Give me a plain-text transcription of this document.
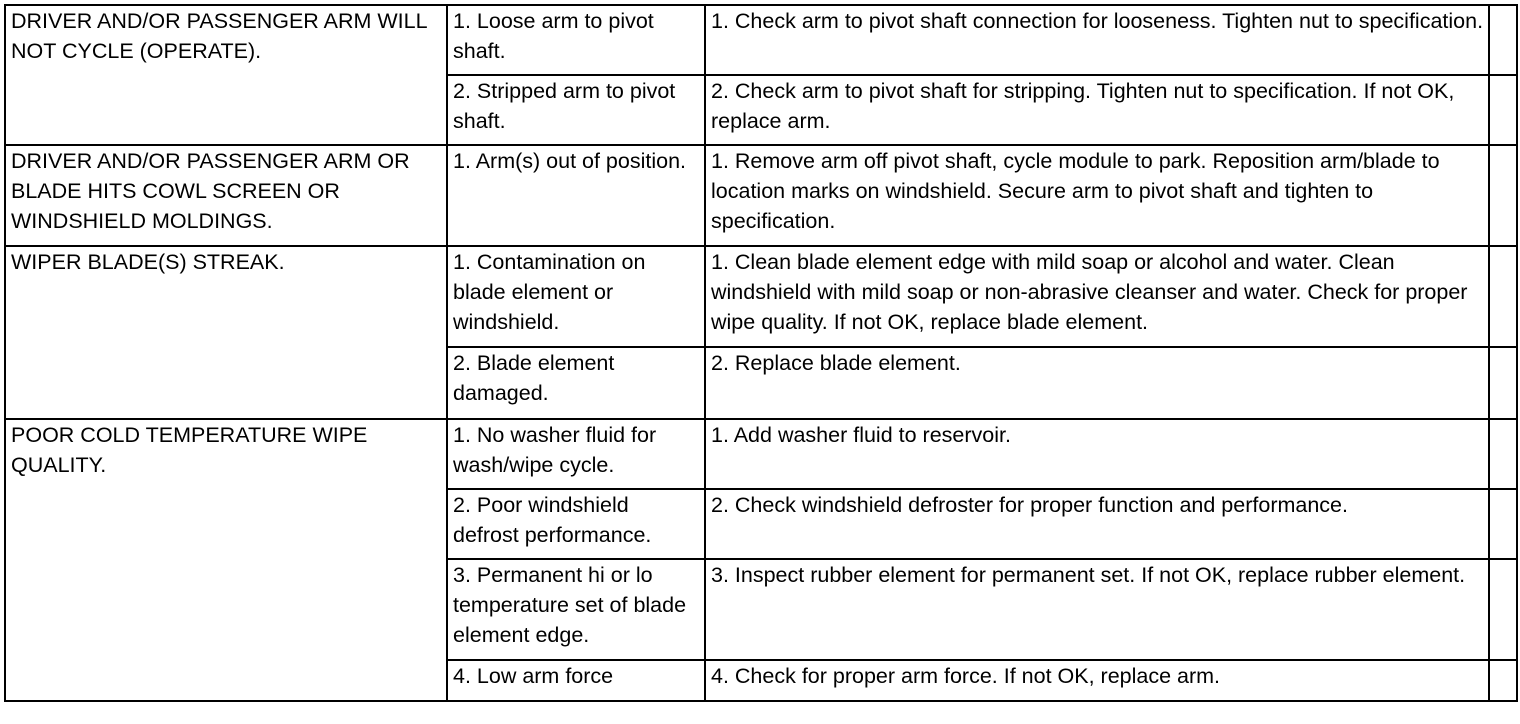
DRIVER AND/OR PASSENGER ARM WILL NOT CYCLE (OPERATE).	1. Loose arm to pivot shaft.	1. Check arm to pivot shaft connection for looseness. Tighten nut to specification.	
	2. Stripped arm to pivot shaft.	2. Check arm to pivot shaft for stripping. Tighten nut to specification. If not OK, replace arm.	
DRIVER AND/OR PASSENGER ARM OR BLADE HITS COWL SCREEN OR WINDSHIELD MOLDINGS.	1. Arm(s) out of position.	1. Remove arm off pivot shaft, cycle module to park. Reposition arm/blade to location marks on windshield. Secure arm to pivot shaft and tighten to specification.	
WIPER BLADE(S) STREAK.	1. Contamination on blade element or windshield.	1. Clean blade element edge with mild soap or alcohol and water. Clean windshield with mild soap or non-abrasive cleanser and water. Check for proper wipe quality. If not OK, replace blade element.	
	2. Blade element damaged.	2. Replace blade element.	
POOR COLD TEMPERATURE WIPE QUALITY.	1. No washer fluid for wash/wipe cycle.	1. Add washer fluid to reservoir.	
	2. Poor windshield defrost performance.	2. Check windshield defroster for proper function and performance.	
	3. Permanent hi or lo temperature set of blade element edge.	3. Inspect rubber element for permanent set. If not OK, replace rubber element.	
	4. Low arm force	4. Check for proper arm force. If not OK, replace arm.	
